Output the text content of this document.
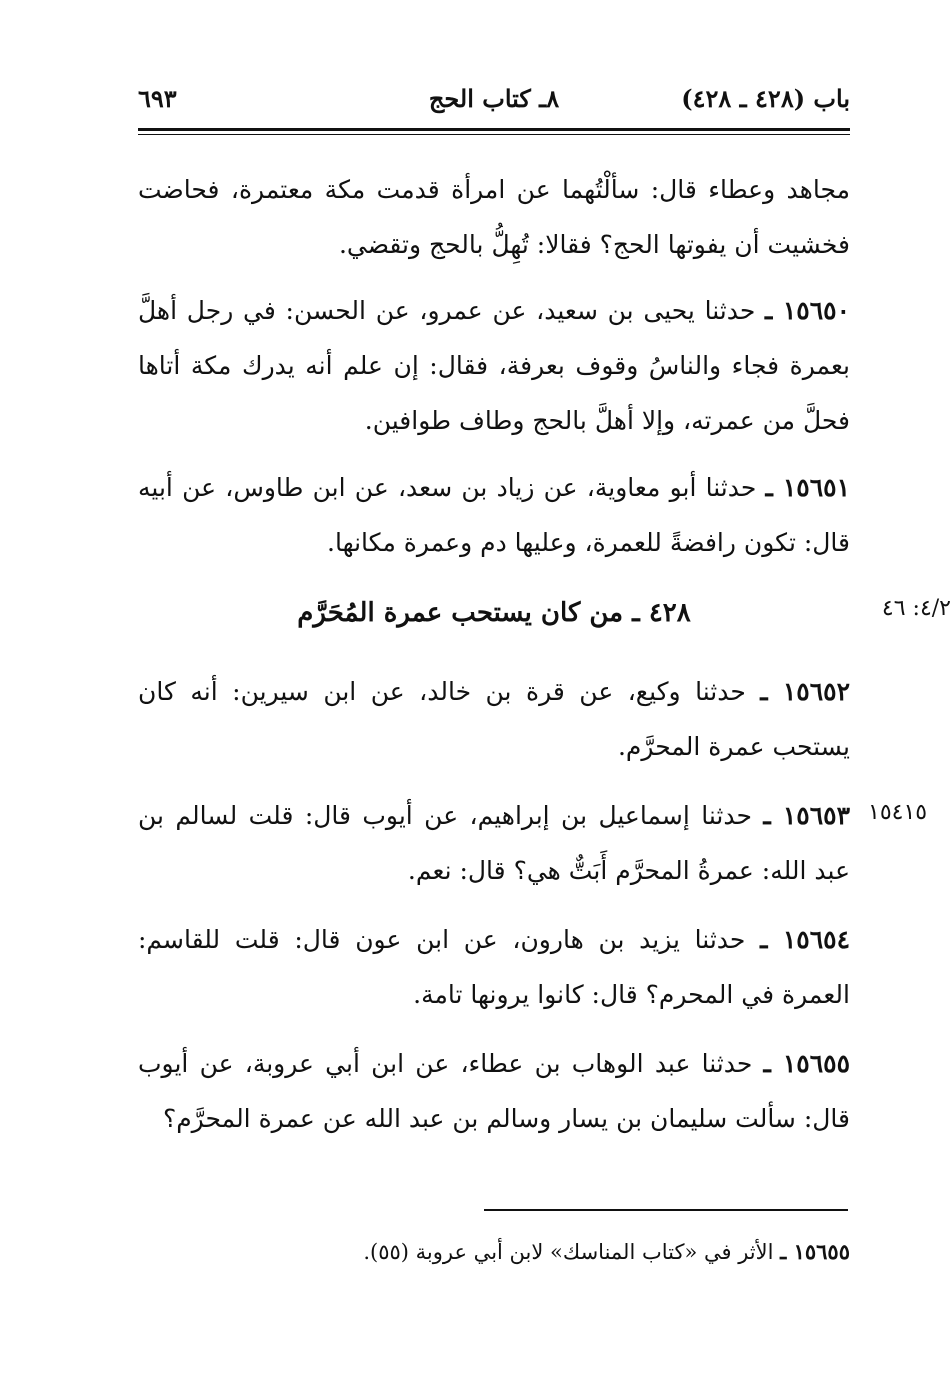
باب (٤٢٨ ـ ٤٢٨)
٨ـ كتاب الحج
٦٩٣
مجاهد وعطاء قال: سألْتُهما عن امرأة قدمت مكة معتمرة، فحاضت فخشيت أن يفوتها الحج؟ فقالا: تُهِلُّ بالحج وتقضي.
١٥٦٥٠ ـ حدثنا يحيى بن سعيد، عن عمرو، عن الحسن: في رجل أهلَّ بعمرة فجاء والناسُ وقوف بعرفة، فقال: إن علم أنه يدرك مكة أتاها فحلَّ من عمرته، وإلا أهلَّ بالحج وطاف طوافين.
١٥٦٥١ ـ حدثنا أبو معاوية، عن زياد بن سعد، عن ابن طاوس، عن أبيه قال: تكون رافضةً للعمرة، وعليها دم وعمرة مكانها.
٤٢٨ ـ من كان يستحب عمرة المُحَرَّم	٤/٢: ٤٦
١٥٦٥٢ ـ حدثنا وكيع، عن قرة بن خالد، عن ابن سيرين: أنه كان يستحب عمرة المحرَّم.
١٥٤١٥
١٥٦٥٣ ـ حدثنا إسماعيل بن إبراهيم، عن أيوب قال: قلت لسالم بن عبد الله: عمرةُ المحرَّم أَبَتٌّ هي؟ قال: نعم.
١٥٦٥٤ ـ حدثنا يزيد بن هارون، عن ابن عون قال: قلت للقاسم: العمرة في المحرم؟ قال: كانوا يرونها تامة.
١٥٦٥٥ ـ حدثنا عبد الوهاب بن عطاء، عن ابن أبي عروبة، عن أيوب قال: سألت سليمان بن يسار وسالم بن عبد الله عن عمرة المحرَّم؟
١٥٦٥٥ ـ الأثر في «كتاب المناسك» لابن أبي عروبة (٥٥).
